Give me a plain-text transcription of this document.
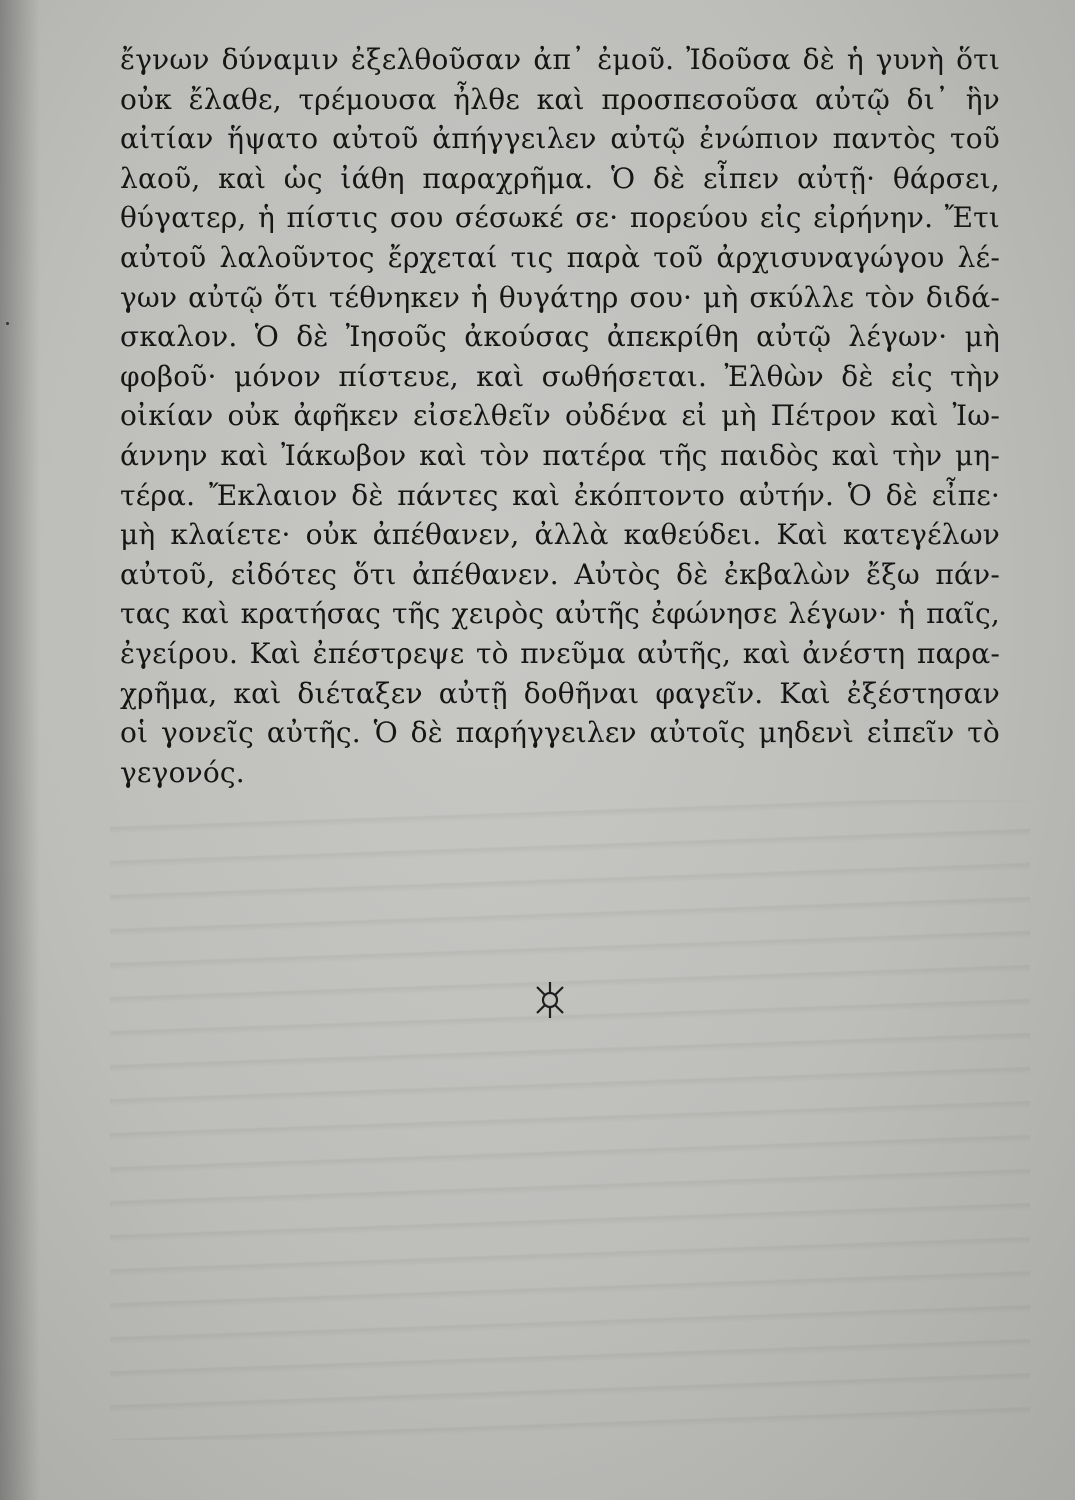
ἔγνων δύναμιν ἐξελθοῦσαν ἀπ᾿ ἐμοῦ. Ἰδοῦσα δὲ ἡ γυνὴ ὅτι
οὐκ ἔλαθε, τρέμουσα ἦλθε καὶ προσπεσοῦσα αὐτῷ δι᾿ ἣν
αἰτίαν ἥψατο αὐτοῦ ἀπήγγειλεν αὐτῷ ἐνώπιον παντὸς τοῦ
λαοῦ, καὶ ὡς ἰάθη παραχρῆμα. Ὁ δὲ εἶπεν αὐτῇ· θάρσει,
θύγατερ, ἡ πίστις σου σέσωκέ σε· πορεύου εἰς εἰρήνην. Ἔτι
αὐτοῦ λαλοῦντος ἔρχεταί τις παρὰ τοῦ ἀρχισυναγώγου λέ-
γων αὐτῷ ὅτι τέθνηκεν ἡ θυγάτηρ σου· μὴ σκύλλε τὸν διδά-
σκαλον. Ὁ δὲ Ἰησοῦς ἀκούσας ἀπεκρίθη αὐτῷ λέγων· μὴ
φοβοῦ· μόνον πίστευε, καὶ σωθήσεται. Ἐλθὼν δὲ εἰς τὴν
οἰκίαν οὐκ ἀφῆκεν εἰσελθεῖν οὐδένα εἰ μὴ Πέτρον καὶ Ἰω-
άννην καὶ Ἰάκωβον καὶ τὸν πατέρα τῆς παιδὸς καὶ τὴν μη-
τέρα. Ἔκλαιον δὲ πάντες καὶ ἐκόπτοντο αὐτήν. Ὁ δὲ εἶπε·
μὴ κλαίετε· οὐκ ἀπέθανεν, ἀλλὰ καθεύδει. Καὶ κατεγέλων
αὐτοῦ, εἰδότες ὅτι ἀπέθανεν. Αὐτὸς δὲ ἐκβαλὼν ἔξω πάν-
τας καὶ κρατήσας τῆς χειρὸς αὐτῆς ἐφώνησε λέγων· ἡ παῖς,
ἐγείρου. Καὶ ἐπέστρεψε τὸ πνεῦμα αὐτῆς, καὶ ἀνέστη παρα-
χρῆμα, καὶ διέταξεν αὐτῇ δοθῆναι φαγεῖν. Καὶ ἐξέστησαν
οἱ γονεῖς αὐτῆς. Ὁ δὲ παρήγγειλεν αὐτοῖς μηδενὶ εἰπεῖν τὸ
γεγονός.
